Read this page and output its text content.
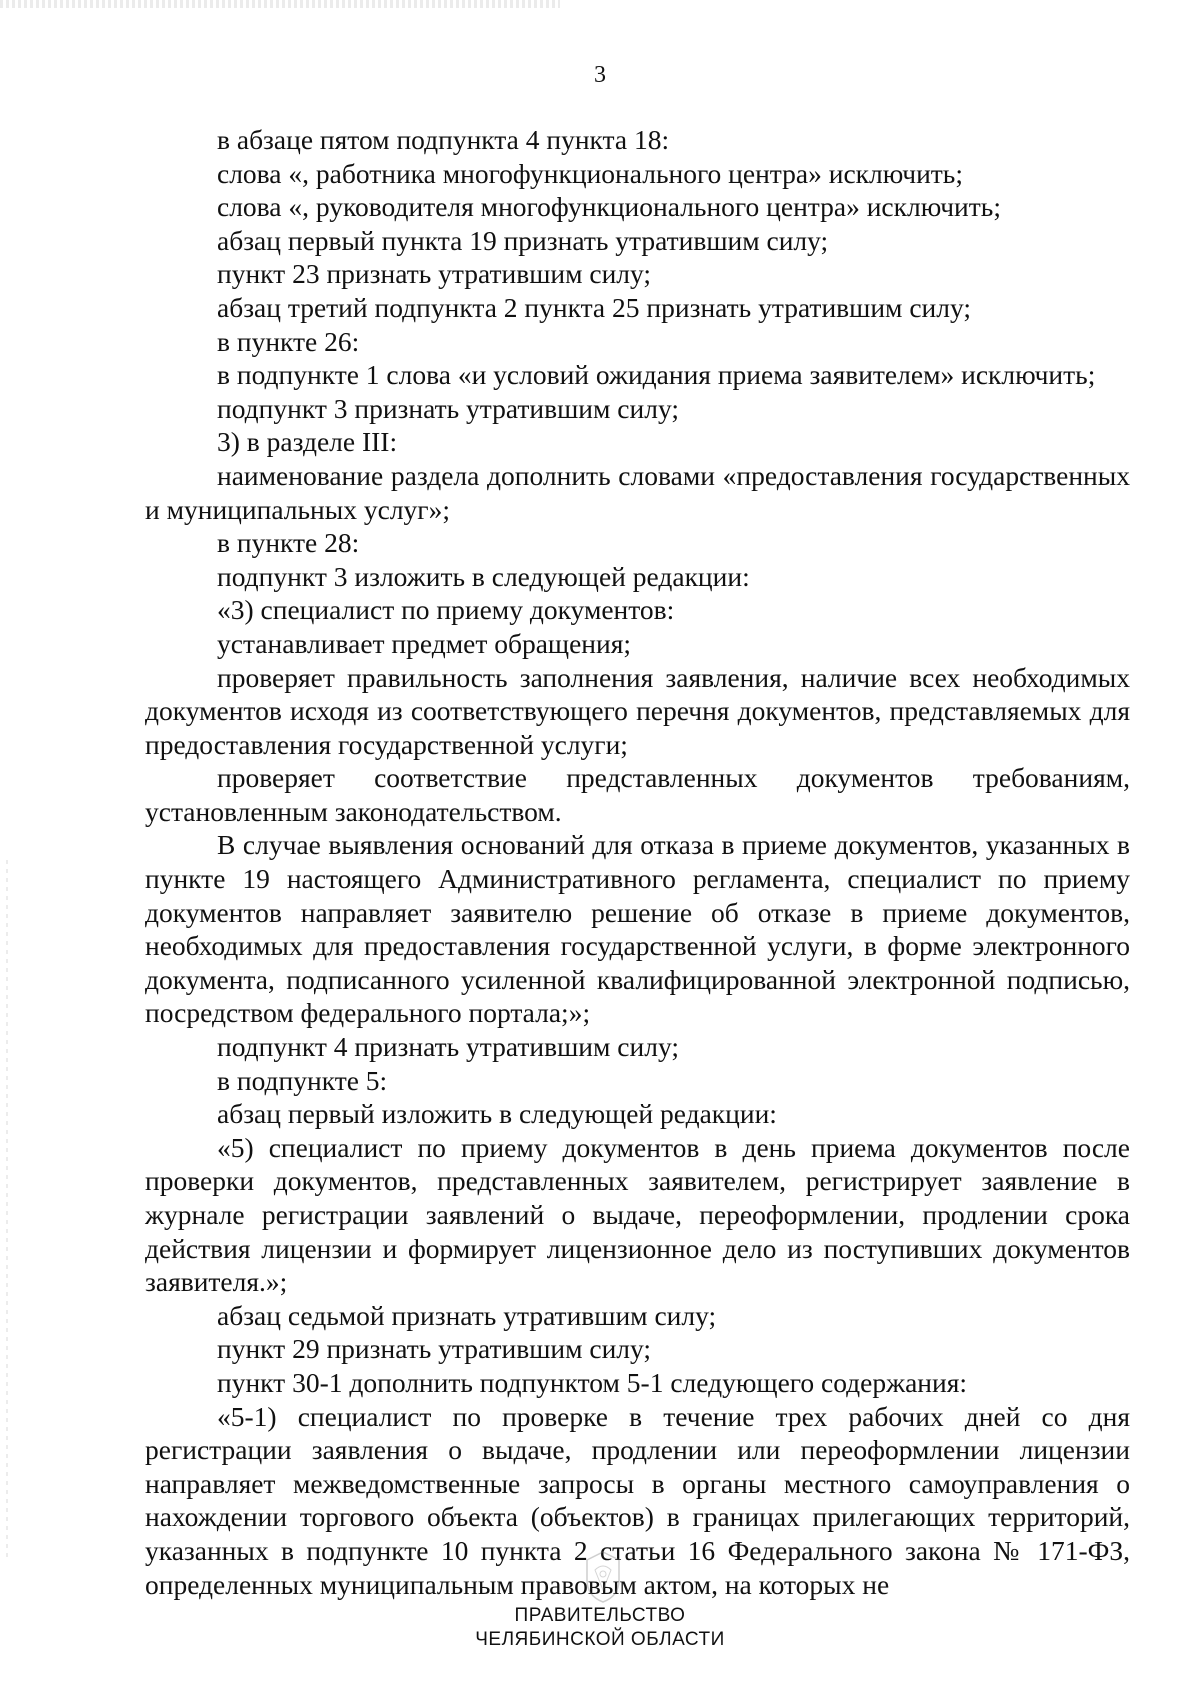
3

в абзаце пятом подпункта 4 пункта 18:

слова «, работника многофункционального центра» исключить;

слова «, руководителя многофункционального центра» исключить;

абзац первый пункта 19 признать утратившим силу;

пункт 23 признать утратившим силу;

абзац третий подпункта 2 пункта 25 признать утратившим силу;

в пункте 26:

в подпункте 1 слова «и условий ожидания приема заявителем» исключить;

подпункт 3 признать утратившим силу;

3) в разделе III:

наименование раздела дополнить словами «предоставления государственных и муниципальных услуг»;

в пункте 28:

подпункт 3 изложить в следующей редакции:

«3) специалист по приему документов:

устанавливает предмет обращения;

проверяет правильность заполнения заявления, наличие всех необходимых документов исходя из соответствующего перечня документов, представляемых для предоставления государственной услуги;

проверяет соответствие представленных документов требованиям, установленным законодательством.

В случае выявления оснований для отказа в приеме документов, указанных в пункте 19 настоящего Административного регламента, специалист по приему документов направляет заявителю решение об отказе в приеме документов, необходимых для предоставления государственной услуги, в форме электронного документа, подписанного усиленной квалифицированной электронной подписью, посредством федерального портала;»;

подпункт 4 признать утратившим силу;

в подпункте 5:

абзац первый изложить в следующей редакции:

«5) специалист по приему документов в день приема документов после проверки документов, представленных заявителем, регистрирует заявление в журнале регистрации заявлений о выдаче, переоформлении, продлении срока действия лицензии и формирует лицензионное дело из поступивших документов заявителя.»;

абзац седьмой признать утратившим силу;

пункт 29 признать утратившим силу;

пункт 30-1 дополнить подпунктом 5-1 следующего содержания:

«5-1) специалист по проверке в течение трех рабочих дней со дня регистрации заявления о выдаче, продлении или переоформлении лицензии направляет межведомственные запросы в органы местного самоуправления о нахождении торгового объекта (объектов) в границах прилегающих территорий, указанных в подпункте 10 пункта 2 статьи 16 Федерального закона № 171-ФЗ, определенных муниципальным правовым актом, на которых не

ПРАВИТЕЛЬСТВО
ЧЕЛЯБИНСКОЙ ОБЛАСТИ
